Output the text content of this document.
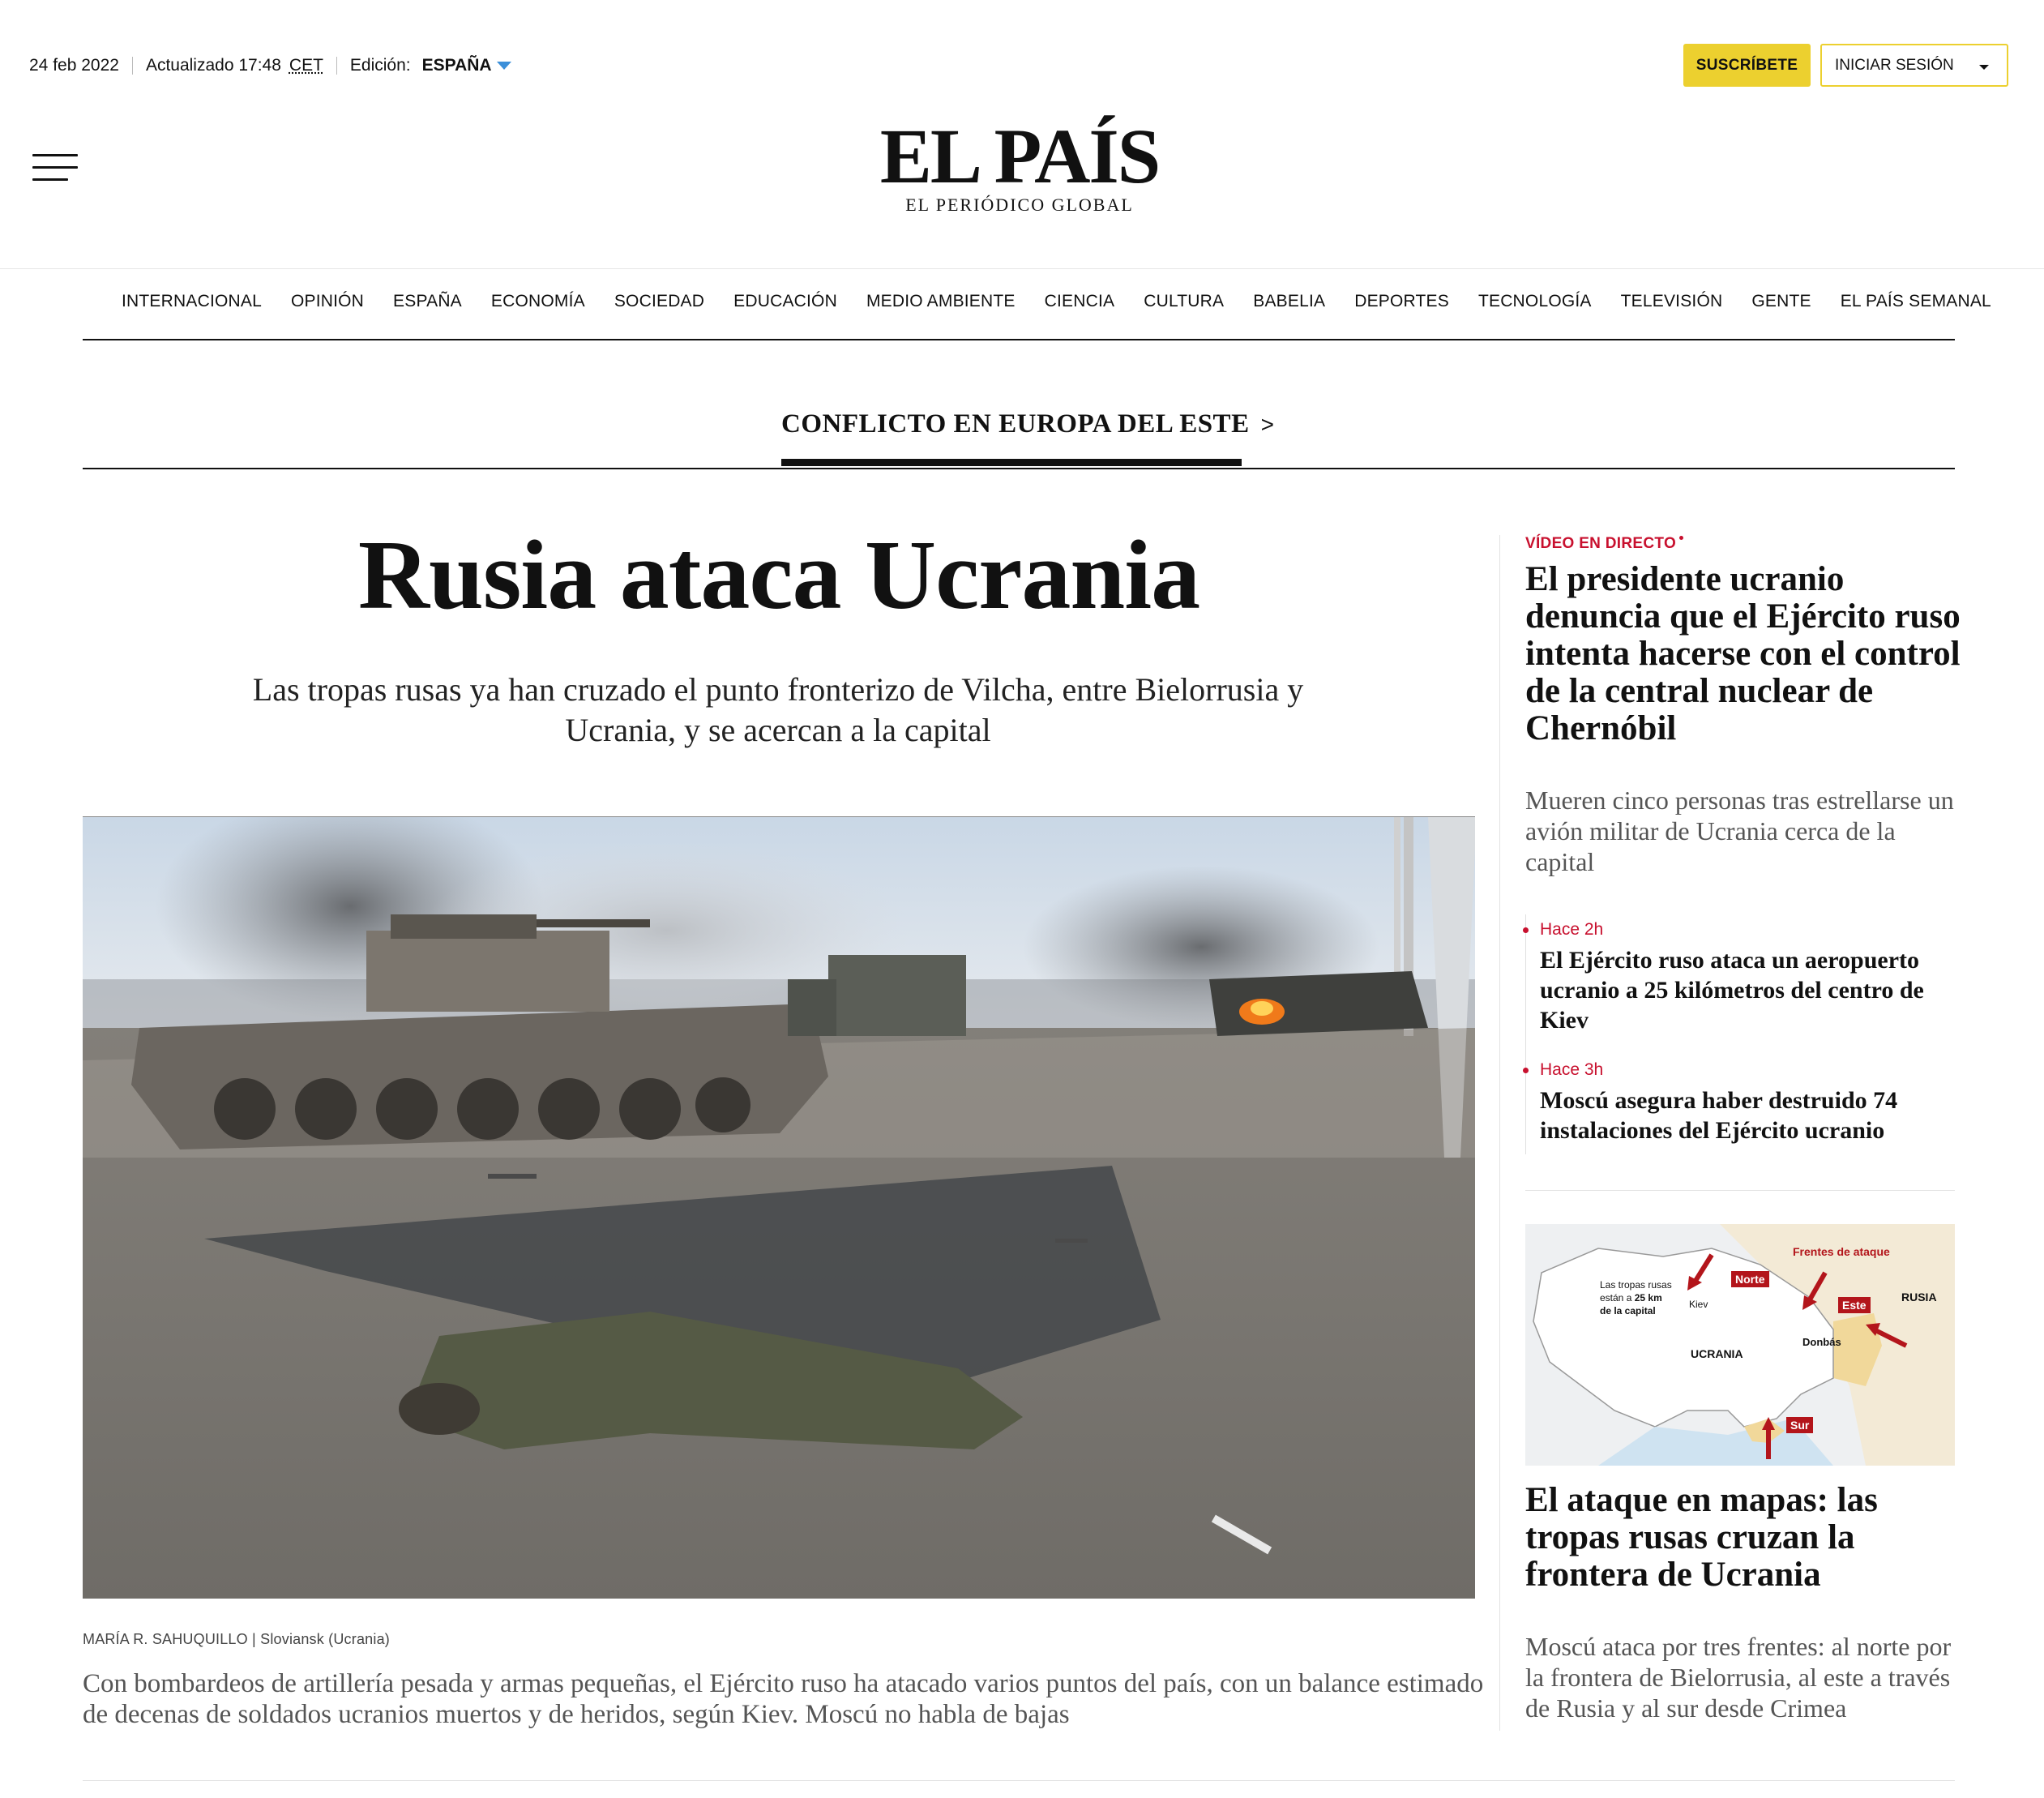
24 feb 2022 Actualizado 17:48 CET Edición: ESPAÑA	SUSCRÍBETE	INICIAR SESIÓN
EL PAÍS
EL PERIÓDICO GLOBAL
INTERNACIONAL OPINIÓN ESPAÑA ECONOMÍA SOCIEDAD EDUCACIÓN MEDIO AMBIENTE CIENCIA CULTURA BABELIA DEPORTES TECNOLOGÍA TELEVISIÓN GENTE EL PAÍS SEMANAL
CONFLICTO EN EUROPA DEL ESTE >
Rusia ataca Ucrania

Las tropas rusas ya han cruzado el punto fronterizo de Vilcha, entre Bielorrusia y Ucrania, y se acercan a la capital

MARÍA R. SAHUQUILLO | Sloviansk (Ucrania)

Con bombardeos de artillería pesada y armas pequeñas, el Ejército ruso ha atacado varios puntos del país, con un balance estimado de decenas de soldados ucranios muertos y de heridos, según Kiev. Moscú no habla de bajas

VÍDEO EN DIRECTO
El presidente ucranio denuncia que el Ejército ruso intenta hacerse con el control de la central nuclear de Chernóbil

Mueren cinco personas tras estrellarse un avión militar de Ucrania cerca de la capital

Hace 2h
El Ejército ruso ataca un aeropuerto ucranio a 25 kilómetros del centro de Kiev
Hace 3h
Moscú asegura haber destruido 74 instalaciones del Ejército ucranio
Frentes de ataque
Las tropas rusas
están a 25 km
de la capital
Norte
Este
Sur
Kiev
UCRANIA
RUSIA
Donbás
El ataque en mapas: las tropas rusas cruzan la frontera de Ucrania

Moscú ataca por tres frentes: al norte por la frontera de Bielorrusia, al este a través de Rusia y al sur desde Crimea
